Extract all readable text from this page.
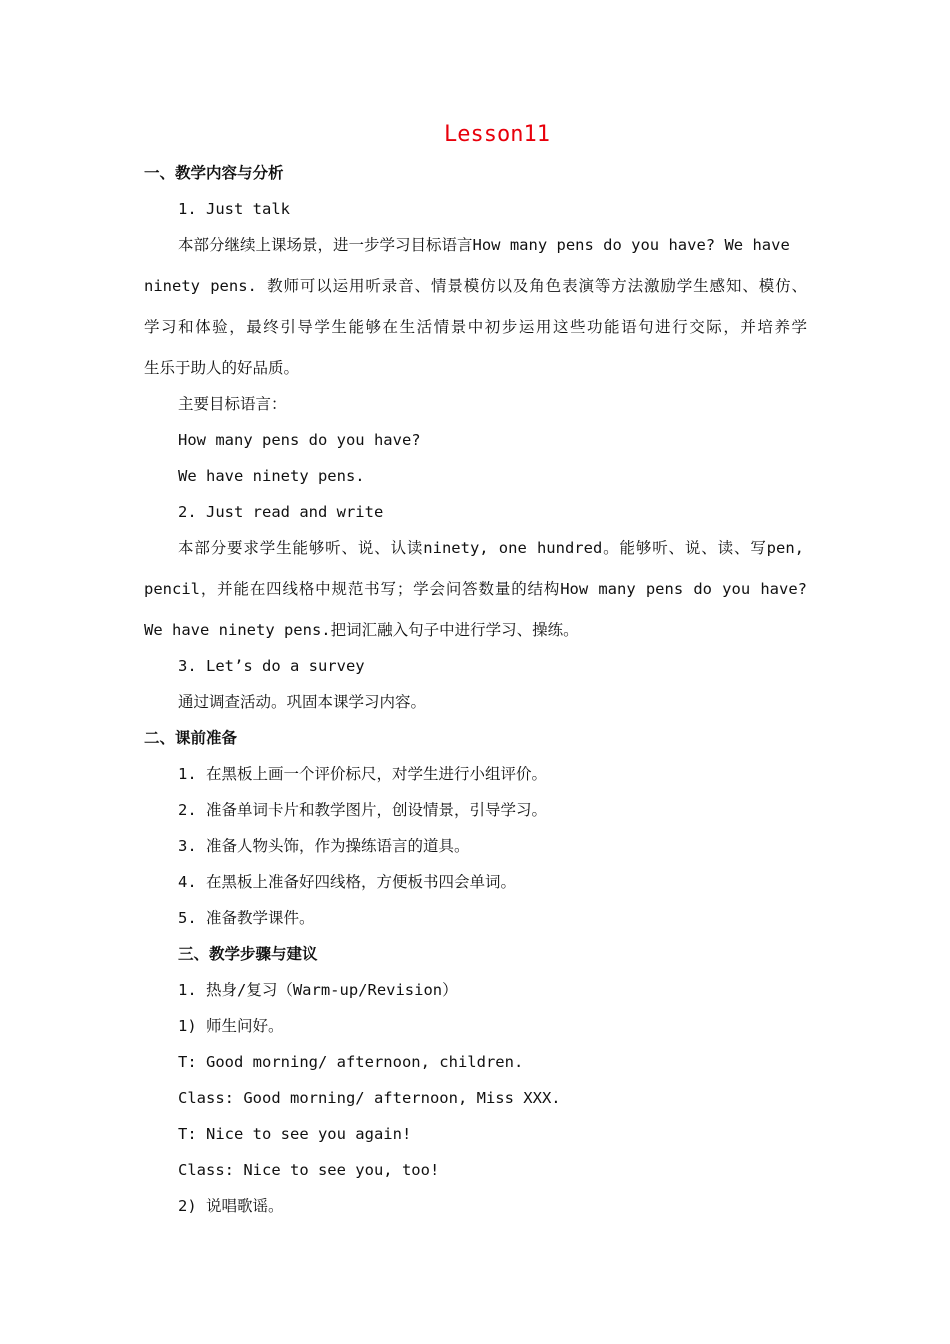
Lesson11
一、教学内容与分析
1. Just talk
本部分继续上课场景，进一步学习目标语言How many pens do you have? We have
ninety pens. 教师可以运用听录音、情景模仿以及角色表演等方法激励学生感知、模仿、
学习和体验，最终引导学生能够在生活情景中初步运用这些功能语句进行交际，并培养学
生乐于助人的好品质。
主要目标语言：
How many pens do you have?
We have ninety pens.
2. Just read and write
本部分要求学生能够听、说、认读ninety, one hundred。能够听、说、读、写pen,
pencil，并能在四线格中规范书写；学会问答数量的结构How many pens do you have?
We have ninety pens.把词汇融入句子中进行学习、操练。
3. Let’s do a survey
通过调查活动。巩固本课学习内容。
二、课前准备
1. 在黑板上画一个评价标尺，对学生进行小组评价。
2. 准备单词卡片和教学图片，创设情景，引导学习。
3. 准备人物头饰，作为操练语言的道具。
4. 在黑板上准备好四线格，方便板书四会单词。
5. 准备教学课件。
三、教学步骤与建议
1. 热身/复习（Warm-up/Revision）
1) 师生问好。
T: Good morning/ afternoon, children.
Class: Good morning/ afternoon, Miss XXX.
T: Nice to see you again!
Class: Nice to see you, too!
2) 说唱歌谣。
